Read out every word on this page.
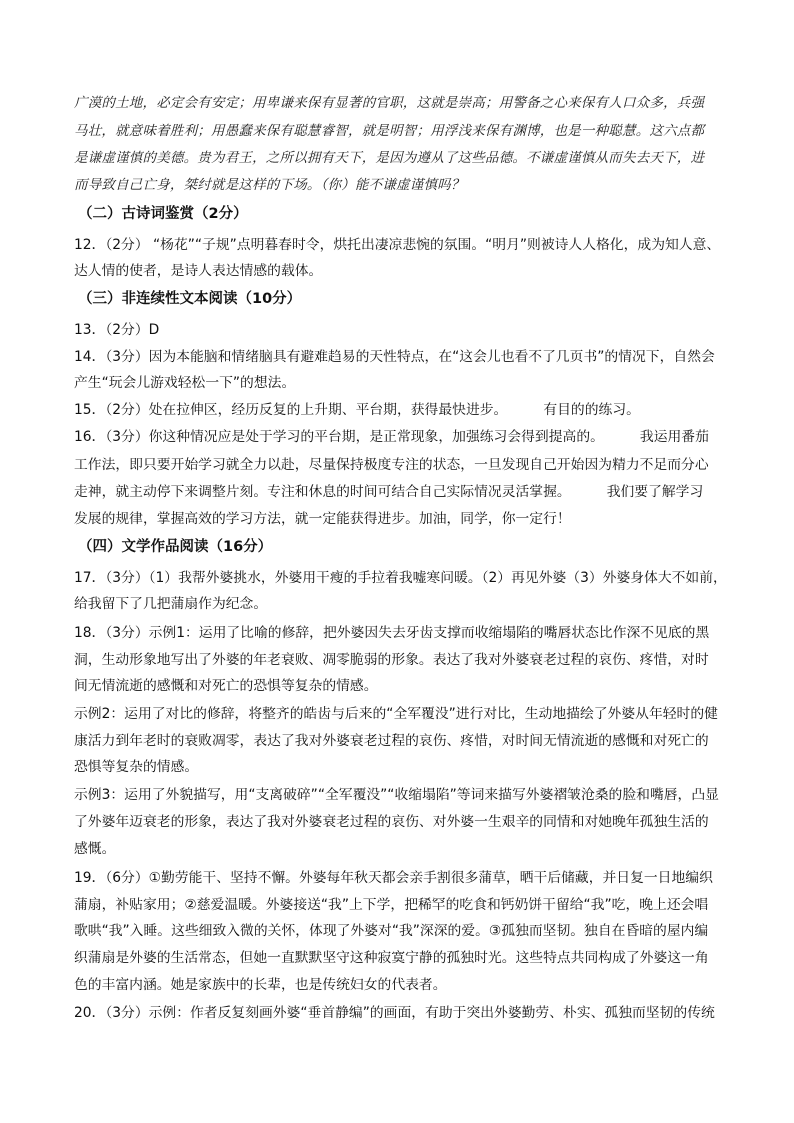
广漠的土地，必定会有安定；用卑谦来保有显著的官职，这就是崇高；用警备之心来保有人口众多，兵强
马壮，就意味着胜利；用愚蠢来保有聪慧睿智，就是明智；用浮浅来保有渊博，也是一种聪慧。这六点都
是谦虚谨慎的美德。贵为君王，之所以拥有天下，是因为遵从了这些品德。不谦虚谨慎从而失去天下，进
而导致自己亡身，桀纣就是这样的下场。（你）能不谦虚谨慎吗？
（二）古诗词鉴赏（2分）
12．（2分） “杨花”“子规”点明暮春时令，烘托出凄凉悲惋的氛围。“明月”则被诗人人格化，成为知人意、
达人情的使者，是诗人表达情感的载体。
（三）非连续性文本阅读（10分）
13．（2分）D
14．（3分）因为本能脑和情绪脑具有避难趋易的天性特点，在“这会儿也看不了几页书”的情况下，自然会
产生“玩会儿游戏轻松一下”的想法。
15．（2分）处在拉伸区，经历反复的上升期、平台期，获得最快进步。	有目的的练习。
16．（3分）你这种情况应是处于学习的平台期，是正常现象，加强练习会得到提高的。	我运用番茄
工作法，即只要开始学习就全力以赴，尽量保持极度专注的状态，一旦发现自己开始因为精力不足而分心
走神，就主动停下来调整片刻。专注和休息的时间可结合自己实际情况灵活掌握。	我们要了解学习
发展的规律，掌握高效的学习方法，就一定能获得进步。加油，同学，你一定行！
（四）文学作品阅读（16分）
17．（3分）（1）我帮外婆挑水，外婆用干瘦的手拉着我嘘寒问暖。（2）再见外婆（3）外婆身体大不如前，
给我留下了几把蒲扇作为纪念。
18．（3分）示例1：运用了比喻的修辞，把外婆因失去牙齿支撑而收缩塌陷的嘴唇状态比作深不见底的黑
洞，生动形象地写出了外婆的年老衰败、凋零脆弱的形象。表达了我对外婆衰老过程的哀伤、疼惜，对时
间无情流逝的感慨和对死亡的恐惧等复杂的情感。
示例2：运用了对比的修辞，将整齐的皓齿与后来的“全军覆没”进行对比，生动地描绘了外婆从年轻时的健
康活力到年老时的衰败凋零，表达了我对外婆衰老过程的哀伤、疼惜，对时间无情流逝的感慨和对死亡的
恐惧等复杂的情感。
示例3：运用了外貌描写，用“支离破碎”“全军覆没”“收缩塌陷”等词来描写外婆褶皱沧桑的脸和嘴唇，凸显
了外婆年迈衰老的形象，表达了我对外婆衰老过程的哀伤、对外婆一生艰辛的同情和对她晚年孤独生活的
感慨。
19．（6分）①勤劳能干、坚持不懈。外婆每年秋天都会亲手割很多蒲草，晒干后储藏，并日复一日地编织
蒲扇，补贴家用；②慈爱温暖。外婆接送“我”上下学，把稀罕的吃食和钙奶饼干留给“我”吃，晚上还会唱
歌哄“我”入睡。这些细致入微的关怀，体现了外婆对“我”深深的爱。③孤独而坚韧。独自在昏暗的屋内编
织蒲扇是外婆的生活常态，但她一直默默坚守这种寂寞宁静的孤独时光。这些特点共同构成了外婆这一角
色的丰富内涵。她是家族中的长辈，也是传统妇女的代表者。
20．（3分）示例：作者反复刻画外婆“垂首静编”的画面，有助于突出外婆勤劳、朴实、孤独而坚韧的传统
